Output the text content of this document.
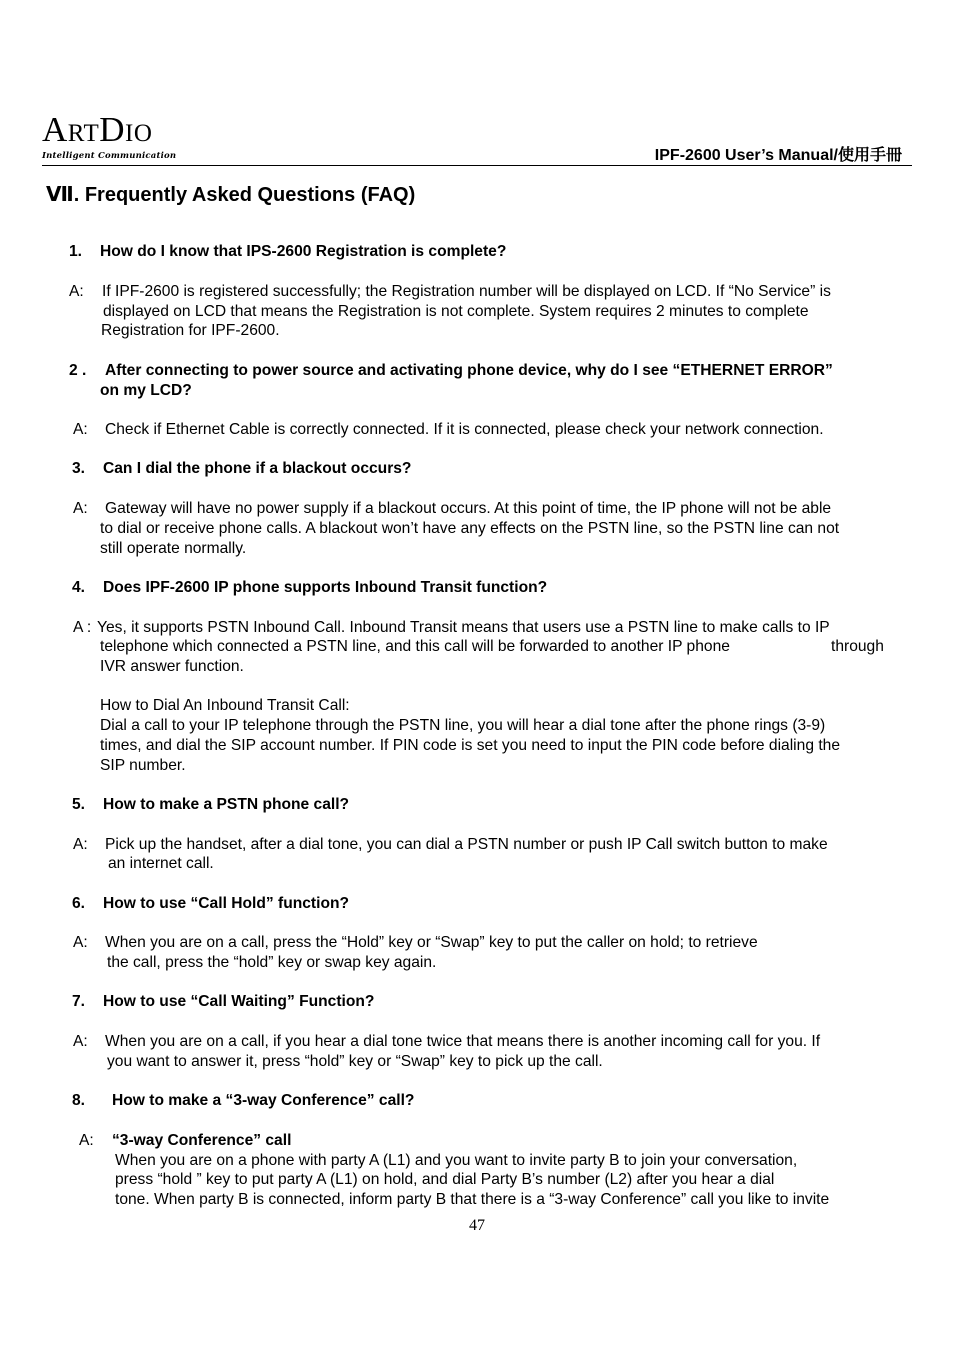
ARTDIO
Intelligent Communication	IPF-2600 User’s Manual/使用手冊
Ⅶ. Frequently Asked Questions (FAQ)
1. How do I know that IPS-2600 Registration is complete?
A: If IPF-2600 is registered successfully; the Registration number will be displayed on LCD. If “No Service” is
displayed on LCD that means the Registration is not complete. System requires 2 minutes to complete
Registration for IPF-2600.
2 . After connecting to power source and activating phone device, why do I see “ETHERNET ERROR”
on my LCD?
A: Check if Ethernet Cable is correctly connected. If it is connected, please check your network connection.
3. Can I dial the phone if a blackout occurs?
A: Gateway will have no power supply if a blackout occurs. At this point of time, the IP phone will not be able
to dial or receive phone calls. A blackout won’t have any effects on the PSTN line, so the PSTN line can not
still operate normally.
4. Does IPF-2600 IP phone supports Inbound Transit function?
A : Yes, it supports PSTN Inbound Call. Inbound Transit means that users use a PSTN line to make calls to IP
telephone which connected a PSTN line, and this call will be forwarded to another IP phone	through
IVR answer function.
How to Dial An Inbound Transit Call:
Dial a call to your IP telephone through the PSTN line, you will hear a dial tone after the phone rings (3-9)
times, and dial the SIP account number. If PIN code is set you need to input the PIN code before dialing the
SIP number.
5. How to make a PSTN phone call?
A: Pick up the handset, after a dial tone, you can dial a PSTN number or push IP Call switch button to make
an internet call.
6. How to use “Call Hold” function?
A: When you are on a call, press the “Hold” key or “Swap” key to put the caller on hold; to retrieve
the call, press the “hold” key or swap key again.
7. How to use “Call Waiting” Function?
A: When you are on a call, if you hear a dial tone twice that means there is another incoming call for you. If
you want to answer it, press “hold” key or “Swap” key to pick up the call.
8. How to make a “3-way Conference” call?
A: “3-way Conference” call
When you are on a phone with party A (L1) and you want to invite party B to join your conversation,
press “hold ” key to put party A (L1) on hold, and dial Party B’s number (L2) after you hear a dial
tone. When party B is connected, inform party B that there is a “3-way Conference” call you like to invite
47
